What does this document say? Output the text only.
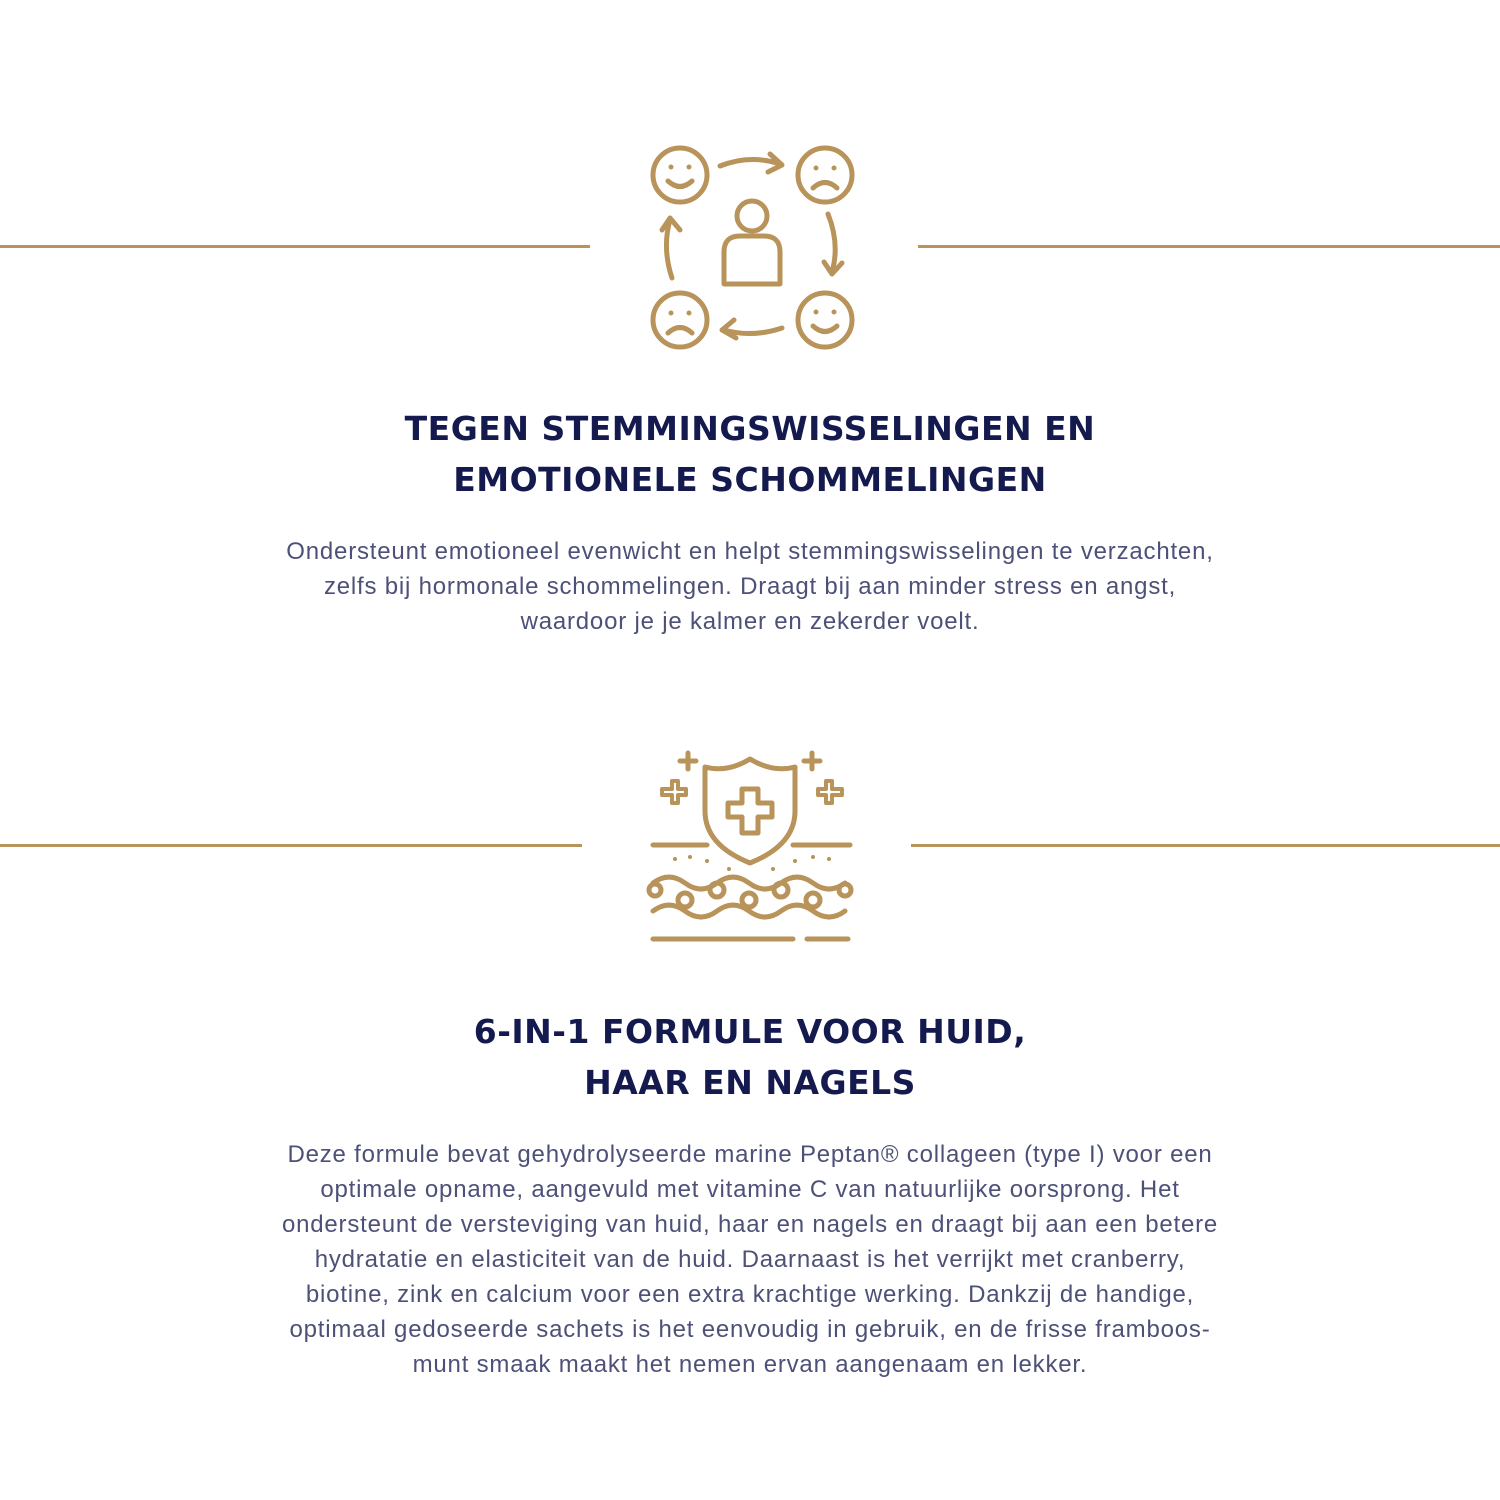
TEGEN STEMMINGSWISSELINGEN EN
EMOTIONELE SCHOMMELINGEN

Ondersteunt emotioneel evenwicht en helpt stemmingswisselingen te verzachten,
zelfs bij hormonale schommelingen. Draagt bij aan minder stress en angst,
waardoor je je kalmer en zekerder voelt.

6-IN-1 FORMULE VOOR HUID,
HAAR EN NAGELS

Deze formule bevat gehydrolyseerde marine Peptan® collageen (type I) voor een
optimale opname, aangevuld met vitamine C van natuurlijke oorsprong. Het
ondersteunt de versteviging van huid, haar en nagels en draagt bij aan een betere
hydratatie en elasticiteit van de huid. Daarnaast is het verrijkt met cranberry,
biotine, zink en calcium voor een extra krachtige werking. Dankzij de handige,
optimaal gedoseerde sachets is het eenvoudig in gebruik, en de frisse framboos-
munt smaak maakt het nemen ervan aangenaam en lekker.
